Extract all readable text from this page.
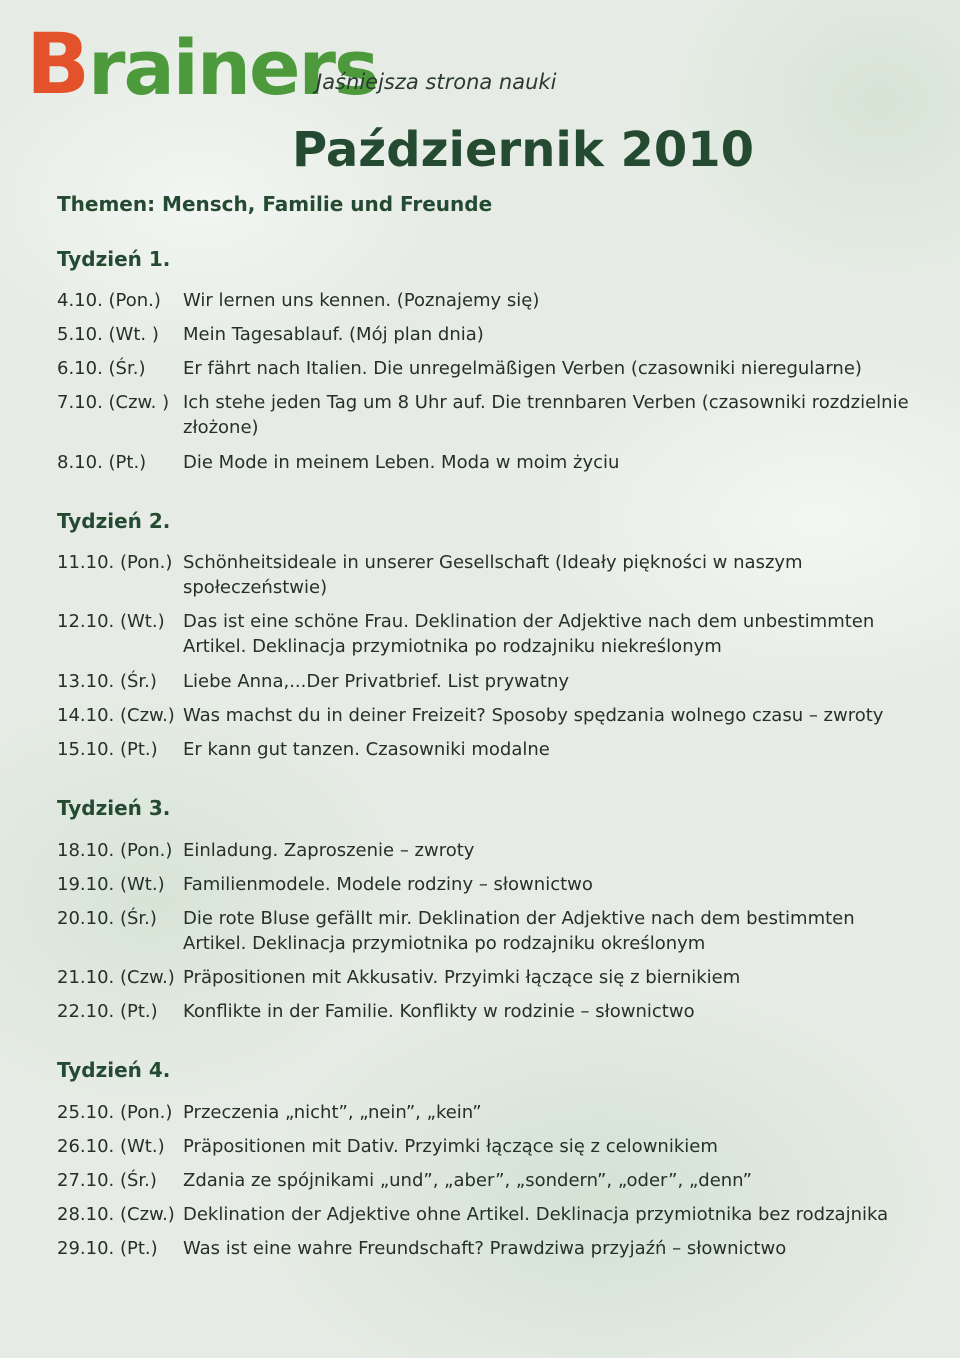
B rainers
Jaśniejsza strona nauki
Październik 2010
Themen: Mensch, Familie und Freunde
Tydzień 1.
4.10. (Pon.) Wir lernen uns kennen. (Poznajemy się)
5.10. (Wt. ) Mein Tagesablauf. (Mój plan dnia)
6.10. (Śr.) Er fährt nach Italien. Die unregelmäßigen Verben (czasowniki nieregularne)
7.10. (Czw. ) Ich stehe jeden Tag um 8 Uhr auf. Die trennbaren Verben (czasowniki rozdzielnie złożone)
8.10. (Pt.) Die Mode in meinem Leben. Moda w moim życiu
Tydzień 2.
11.10. (Pon.) Schönheitsideale in unserer Gesellschaft (Ideały piękności w naszym społeczeństwie)
12.10. (Wt.) Das ist eine schöne Frau. Deklination der Adjektive nach dem unbestimmten Artikel. Deklinacja przymiotnika po rodzajniku niekreślonym
13.10. (Śr.) Liebe Anna,...Der Privatbrief. List prywatny
14.10. (Czw.) Was machst du in deiner Freizeit? Sposoby spędzania wolnego czasu – zwroty
15.10. (Pt.) Er kann gut tanzen. Czasowniki modalne
Tydzień 3.
18.10. (Pon.) Einladung. Zaproszenie – zwroty
19.10. (Wt.) Familienmodele. Modele rodziny – słownictwo
20.10. (Śr.) Die rote Bluse gefällt mir. Deklination der Adjektive nach dem bestimmten Artikel. Deklinacja przymiotnika po rodzajniku określonym
21.10. (Czw.) Präpositionen mit Akkusativ. Przyimki łączące się z biernikiem
22.10. (Pt.) Konflikte in der Familie. Konflikty w rodzinie – słownictwo
Tydzień 4.
25.10. (Pon.) Przeczenia „nicht”, „nein”, „kein”
26.10. (Wt.) Präpositionen mit Dativ. Przyimki łączące się z celownikiem
27.10. (Śr.) Zdania ze spójnikami „und”, „aber”, „sondern”, „oder”, „denn”
28.10. (Czw.) Deklination der Adjektive ohne Artikel. Deklinacja przymiotnika bez rodzajnika
29.10. (Pt.) Was ist eine wahre Freundschaft? Prawdziwa przyjaźń – słownictwo
